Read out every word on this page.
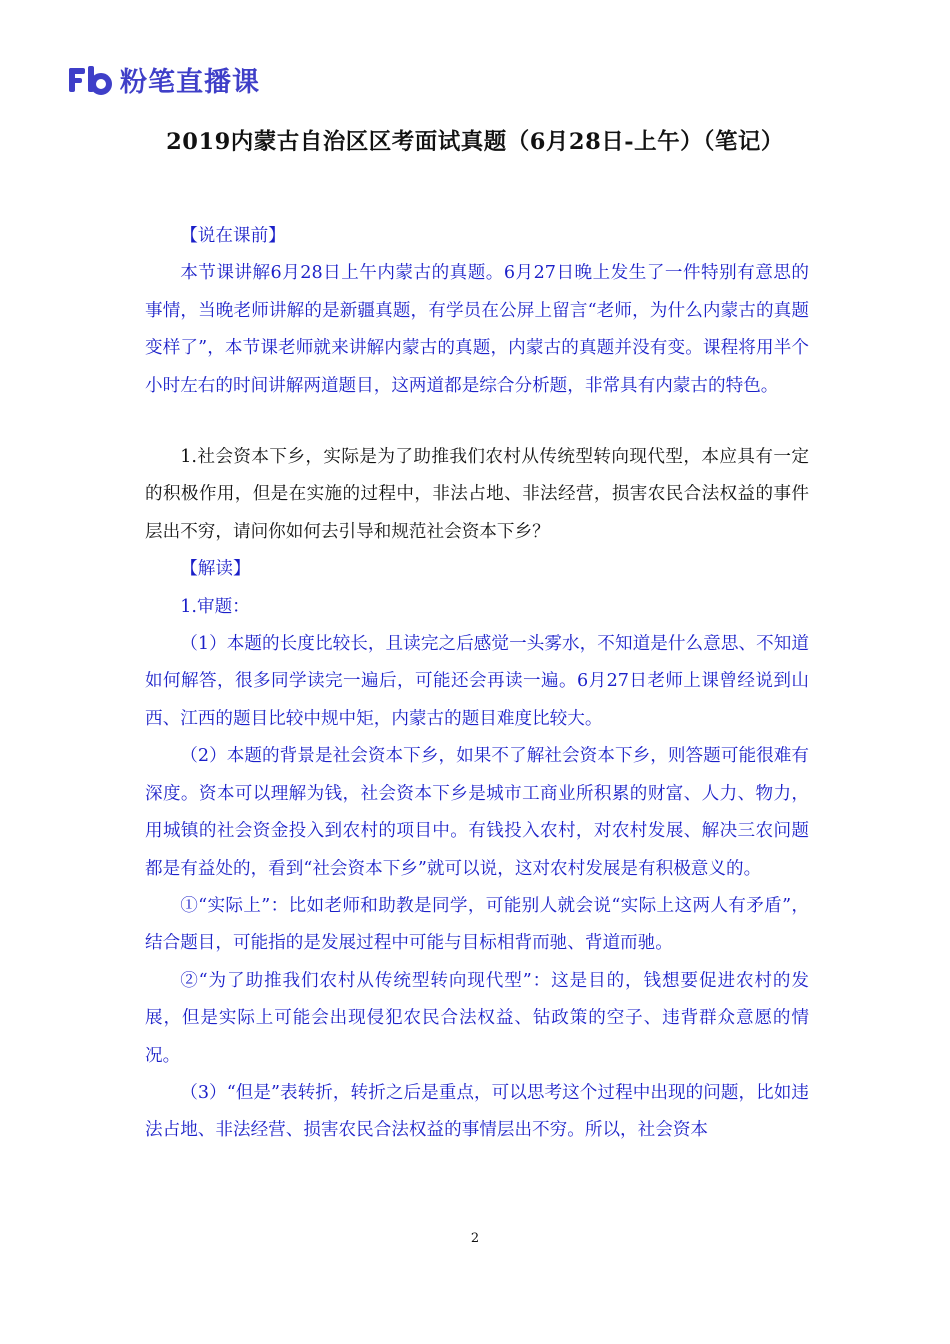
粉笔直播课
2019内蒙古自治区区考面试真题（6月28日-上午）（笔记）

【说在课前】

本节课讲解6月28日上午内蒙古的真题。6月27日晚上发生了一件特别有意思的事情，当晚老师讲解的是新疆真题，有学员在公屏上留言“老师，为什么内蒙古的真题变样了”，本节课老师就来讲解内蒙古的真题，内蒙古的真题并没有变。课程将用半个小时左右的时间讲解两道题目，这两道都是综合分析题，非常具有内蒙古的特色。

1.社会资本下乡，实际是为了助推我们农村从传统型转向现代型，本应具有一定的积极作用，但是在实施的过程中，非法占地、非法经营，损害农民合法权益的事件层出不穷，请问你如何去引导和规范社会资本下乡？

【解读】

1.审题：

（1）本题的长度比较长，且读完之后感觉一头雾水，不知道是什么意思、不知道如何解答，很多同学读完一遍后，可能还会再读一遍。6月27日老师上课曾经说到山西、江西的题目比较中规中矩，内蒙古的题目难度比较大。

（2）本题的背景是社会资本下乡，如果不了解社会资本下乡，则答题可能很难有深度。资本可以理解为钱，社会资本下乡是城市工商业所积累的财富、人力、物力，用城镇的社会资金投入到农村的项目中。有钱投入农村，对农村发展、解决三农问题都是有益处的，看到“社会资本下乡”就可以说，这对农村发展是有积极意义的。

①“实际上”：比如老师和助教是同学，可能别人就会说“实际上这两人有矛盾”，结合题目，可能指的是发展过程中可能与目标相背而驰、背道而驰。

②“为了助推我们农村从传统型转向现代型”：这是目的，钱想要促进农村的发展，但是实际上可能会出现侵犯农民合法权益、钻政策的空子、违背群众意愿的情况。

（3）“但是”表转折，转折之后是重点，可以思考这个过程中出现的问题，比如违法占地、非法经营、损害农民合法权益的事情层出不穷。所以，社会资本

2
